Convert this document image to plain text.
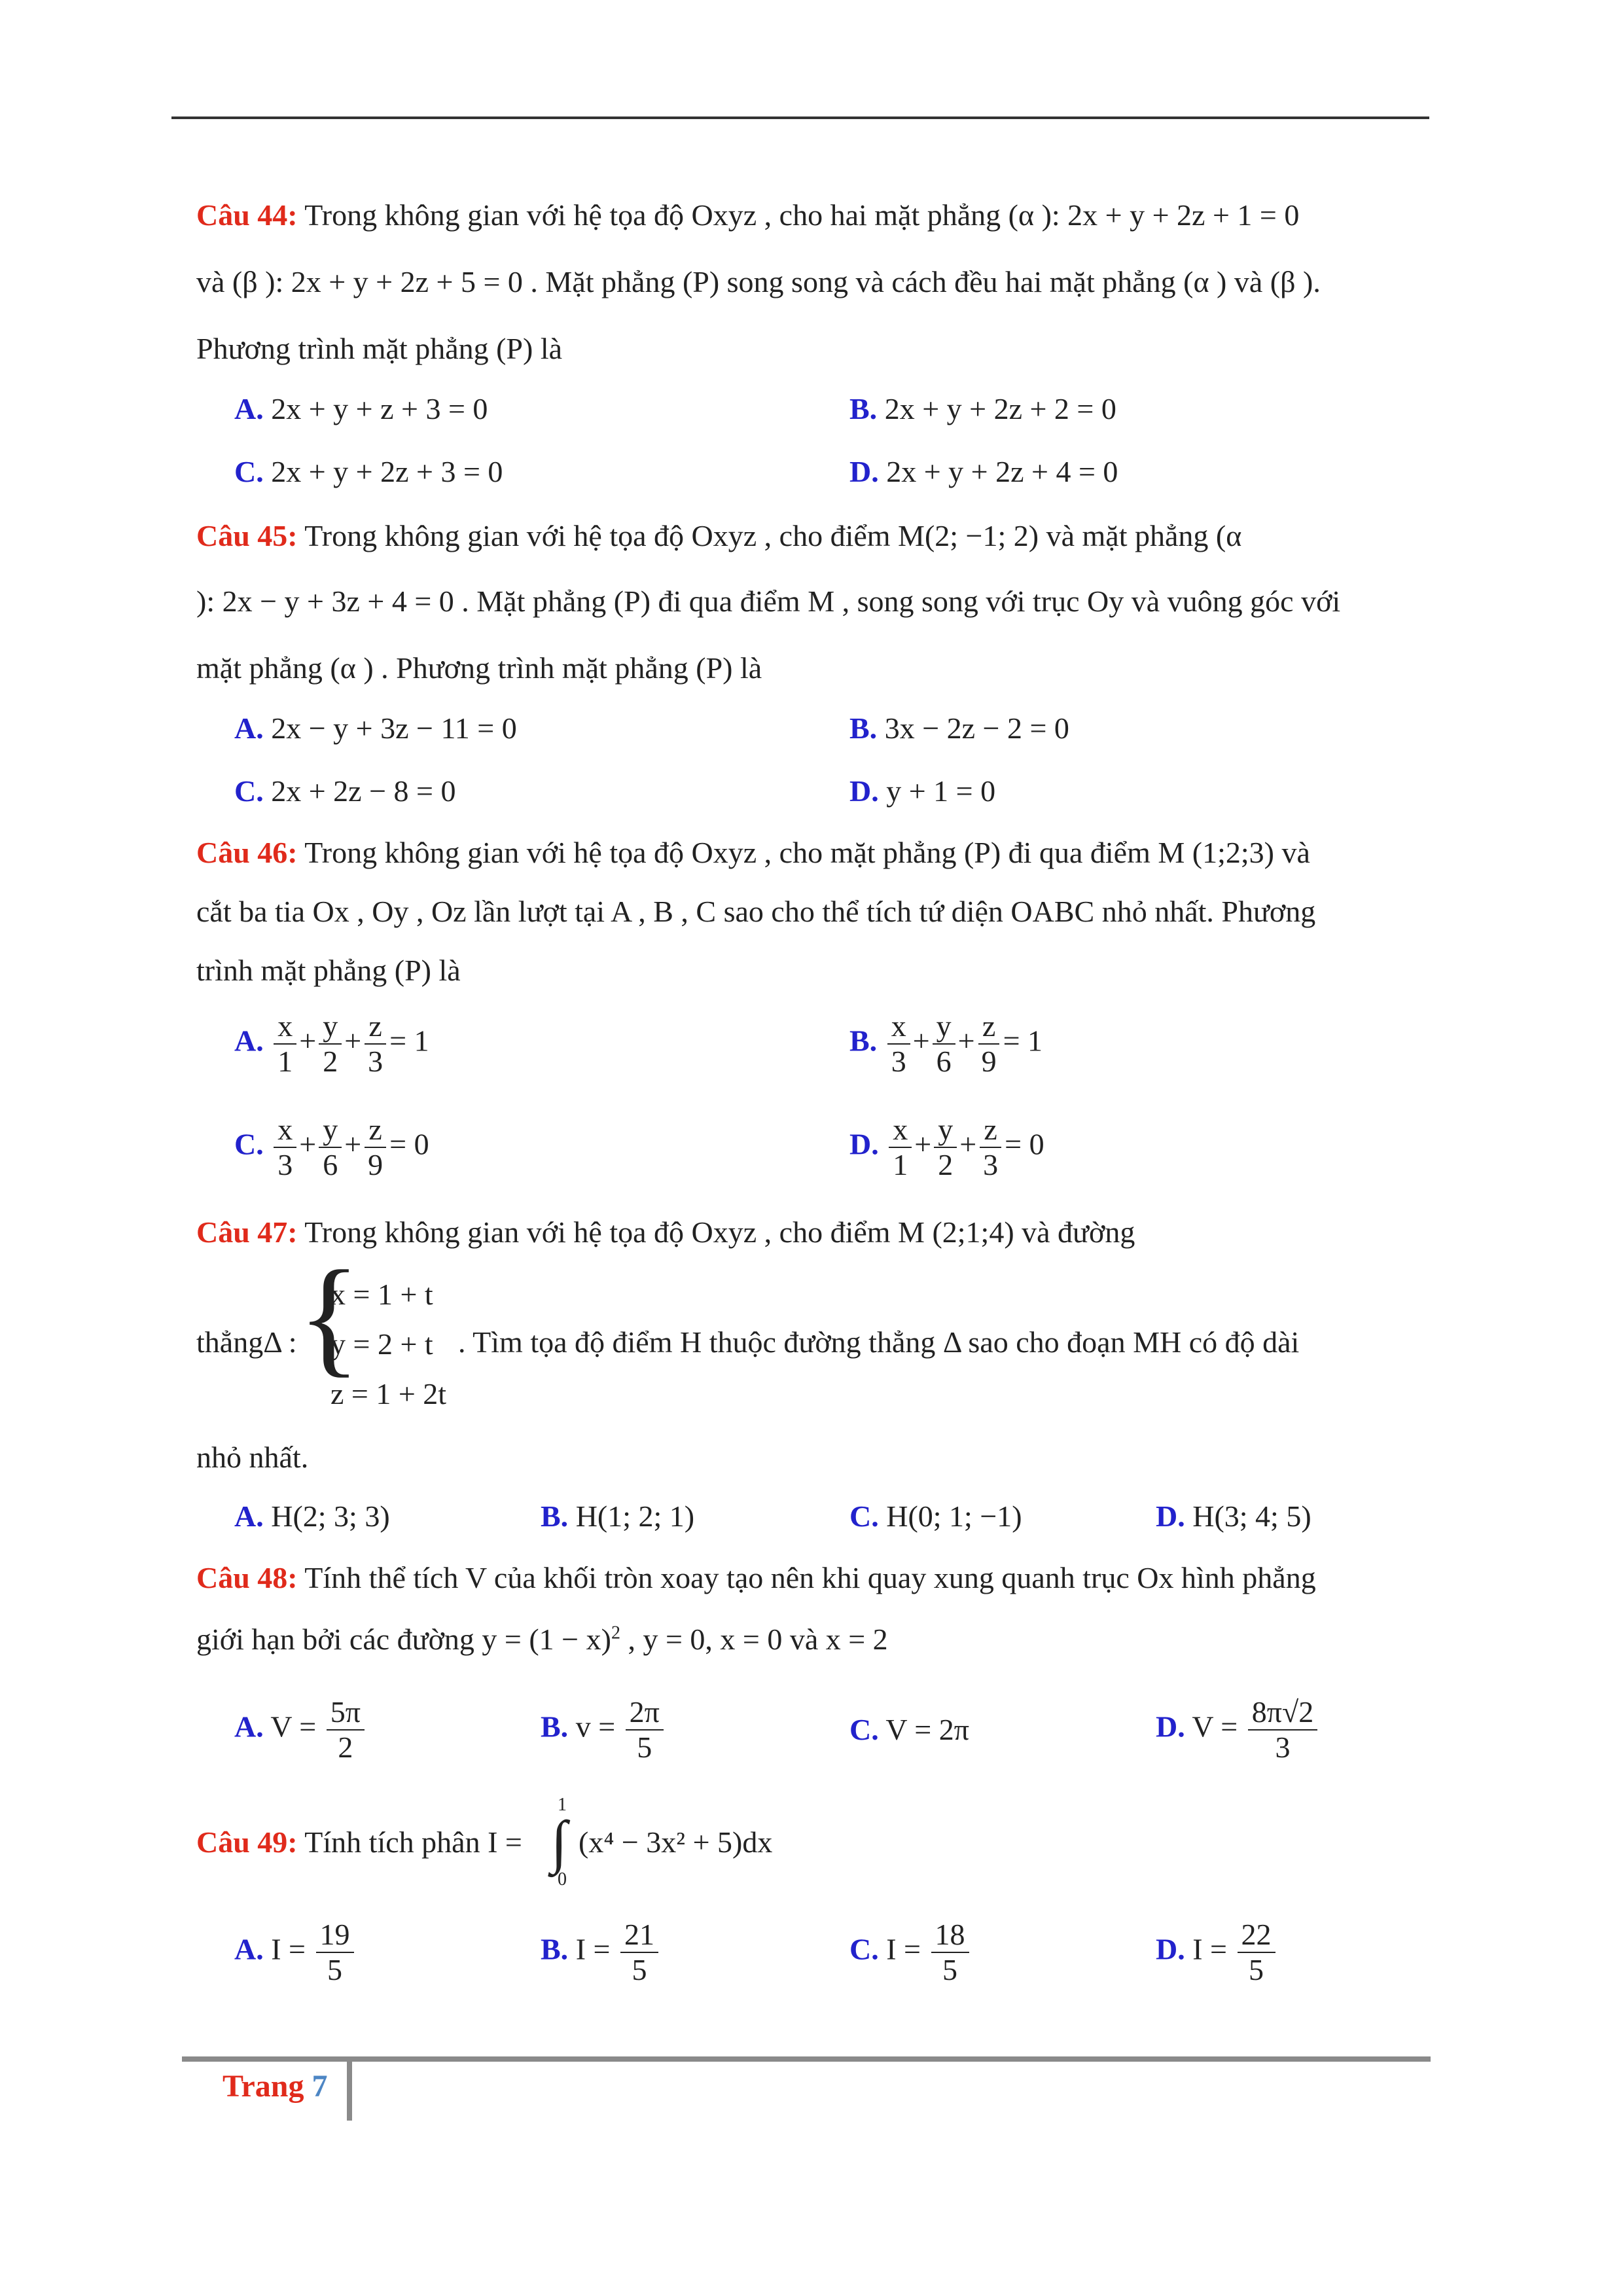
Câu 44: Trong không gian với hệ tọa độ Oxyz , cho hai mặt phẳng (α ): 2x + y + 2z + 1 = 0
và (β ): 2x + y + 2z + 5 = 0 . Mặt phẳng (P) song song và cách đều hai mặt phẳng (α ) và (β ).
Phương trình mặt phẳng (P) là
A. 2x + y + z + 3 = 0	B. 2x + y + 2z + 2 = 0
C. 2x + y + 2z + 3 = 0	D. 2x + y + 2z + 4 = 0
Câu 45: Trong không gian với hệ tọa độ Oxyz , cho điểm M(2; −1; 2) và mặt phẳng (α
): 2x − y + 3z + 4 = 0 . Mặt phẳng (P) đi qua điểm M , song song với trục Oy và vuông góc với
mặt phẳng (α ) . Phương trình mặt phẳng (P) là
A. 2x − y + 3z − 11 = 0	B. 3x − 2z − 2 = 0
C. 2x + 2z − 8 = 0	D. y + 1 = 0
Câu 46: Trong không gian với hệ tọa độ Oxyz , cho mặt phẳng (P) đi qua điểm M (1;2;3) và
cắt ba tia Ox , Oy , Oz lần lượt tại A , B , C sao cho thể tích tứ diện OABC nhỏ nhất. Phương
trình mặt phẳng (P) là
A. $\frac{x}{1} + \frac{y}{2} + \frac{z}{3} = 1$	B. $\frac{x}{3} + \frac{y}{6} + \frac{z}{9} = 1$
C. $\frac{x}{3} + \frac{y}{6} + \frac{z}{9} = 0$	D. $\frac{x}{1} + \frac{y}{2} + \frac{z}{3} = 0$
Câu 47: Trong không gian với hệ tọa độ Oxyz , cho điểm M (2;1;4) và đường
thẳngΔ : {
x = 1 + t
y = 2 + t
z = 1 + 2t
. Tìm tọa độ điểm H thuộc đường thẳng Δ sao cho đoạn MH có độ dài
nhỏ nhất.
A. H(2; 3; 3)	B. H(1; 2; 1)	C. H(0; 1; −1)	D. H(3; 4; 5)
Câu 48: Tính thể tích V của khối tròn xoay tạo nên khi quay xung quanh trục Ox hình phẳng
giới hạn bởi các đường $y = (1 - x)^2$ , y = 0, x = 0 và x = 2
A. $V = \frac{5\pi}{2}$	B. $v = \frac{2\pi}{5}$	C. V = 2π	D. $V = \frac{8\pi√2}{3}$
Câu 49: Tính tích phân I =
1
∫
0
(x⁴ − 3x² + 5)dx
A. $I = \frac{19}{5}$	B. $I = \frac{21}{5}$	C. $I = \frac{18}{5}$	D. $I = \frac{22}{5}$
Trang 7
